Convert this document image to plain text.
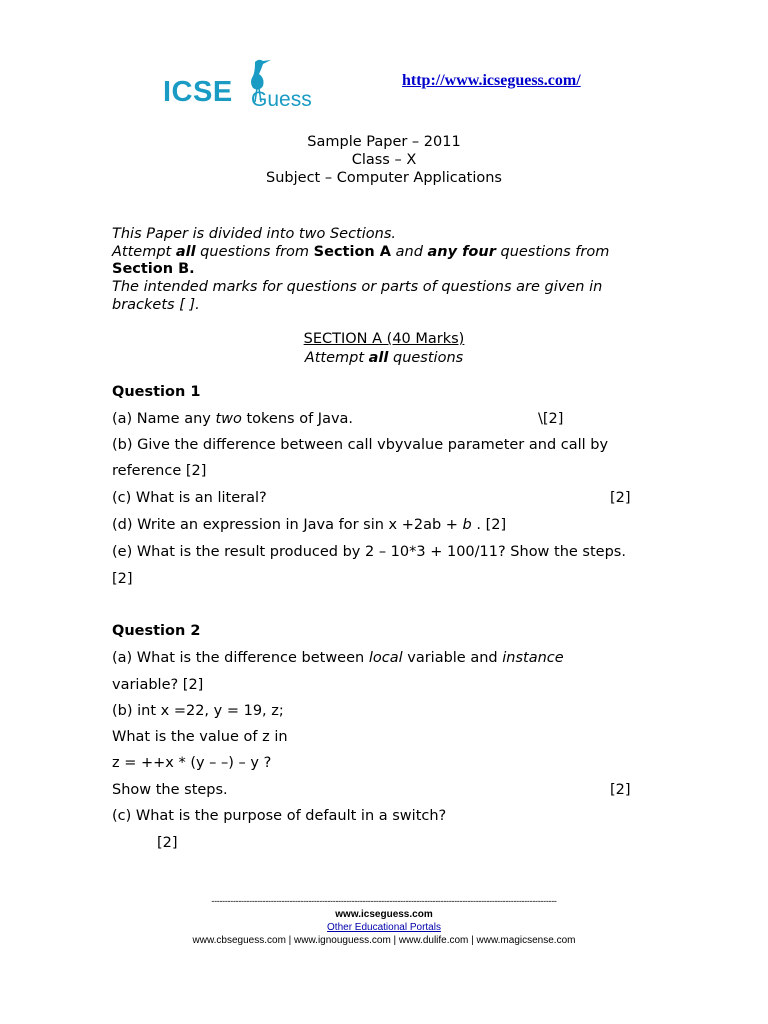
ICSE Guess
http://www.icseguess.com/
Sample Paper – 2011
Class – X
Subject – Computer Applications
This Paper is divided into two Sections.
Attempt all questions from Section A and any four questions from
Section B.
The intended marks for questions or parts of questions are given in
brackets [ ].
SECTION A (40 Marks)
Attempt all questions
Question 1
(a) Name any two tokens of Java.	\[2]
(b) Give the difference between call vbyvalue parameter and call by
reference [2]
(c) What is an literal?	[2]
(d) Write an expression in Java for sin x +2ab + b . [2]
(e) What is the result produced by 2 – 10*3 + 100/11? Show the steps.
[2]
Question 2
(a) What is the difference between local variable and instance
variable? [2]
(b) int x =22, y = 19, z;
What is the value of z in
z = ++x * (y – –) – y ?
Show the steps.	[2]
(c) What is the purpose of default in a switch?
[2]
--------------------------------------------------------------------------------------------------------------------------------
www.icseguess.com
Other Educational Portals
www.cbseguess.com | www.ignouguess.com | www.dulife.com | www.magicsense.com
